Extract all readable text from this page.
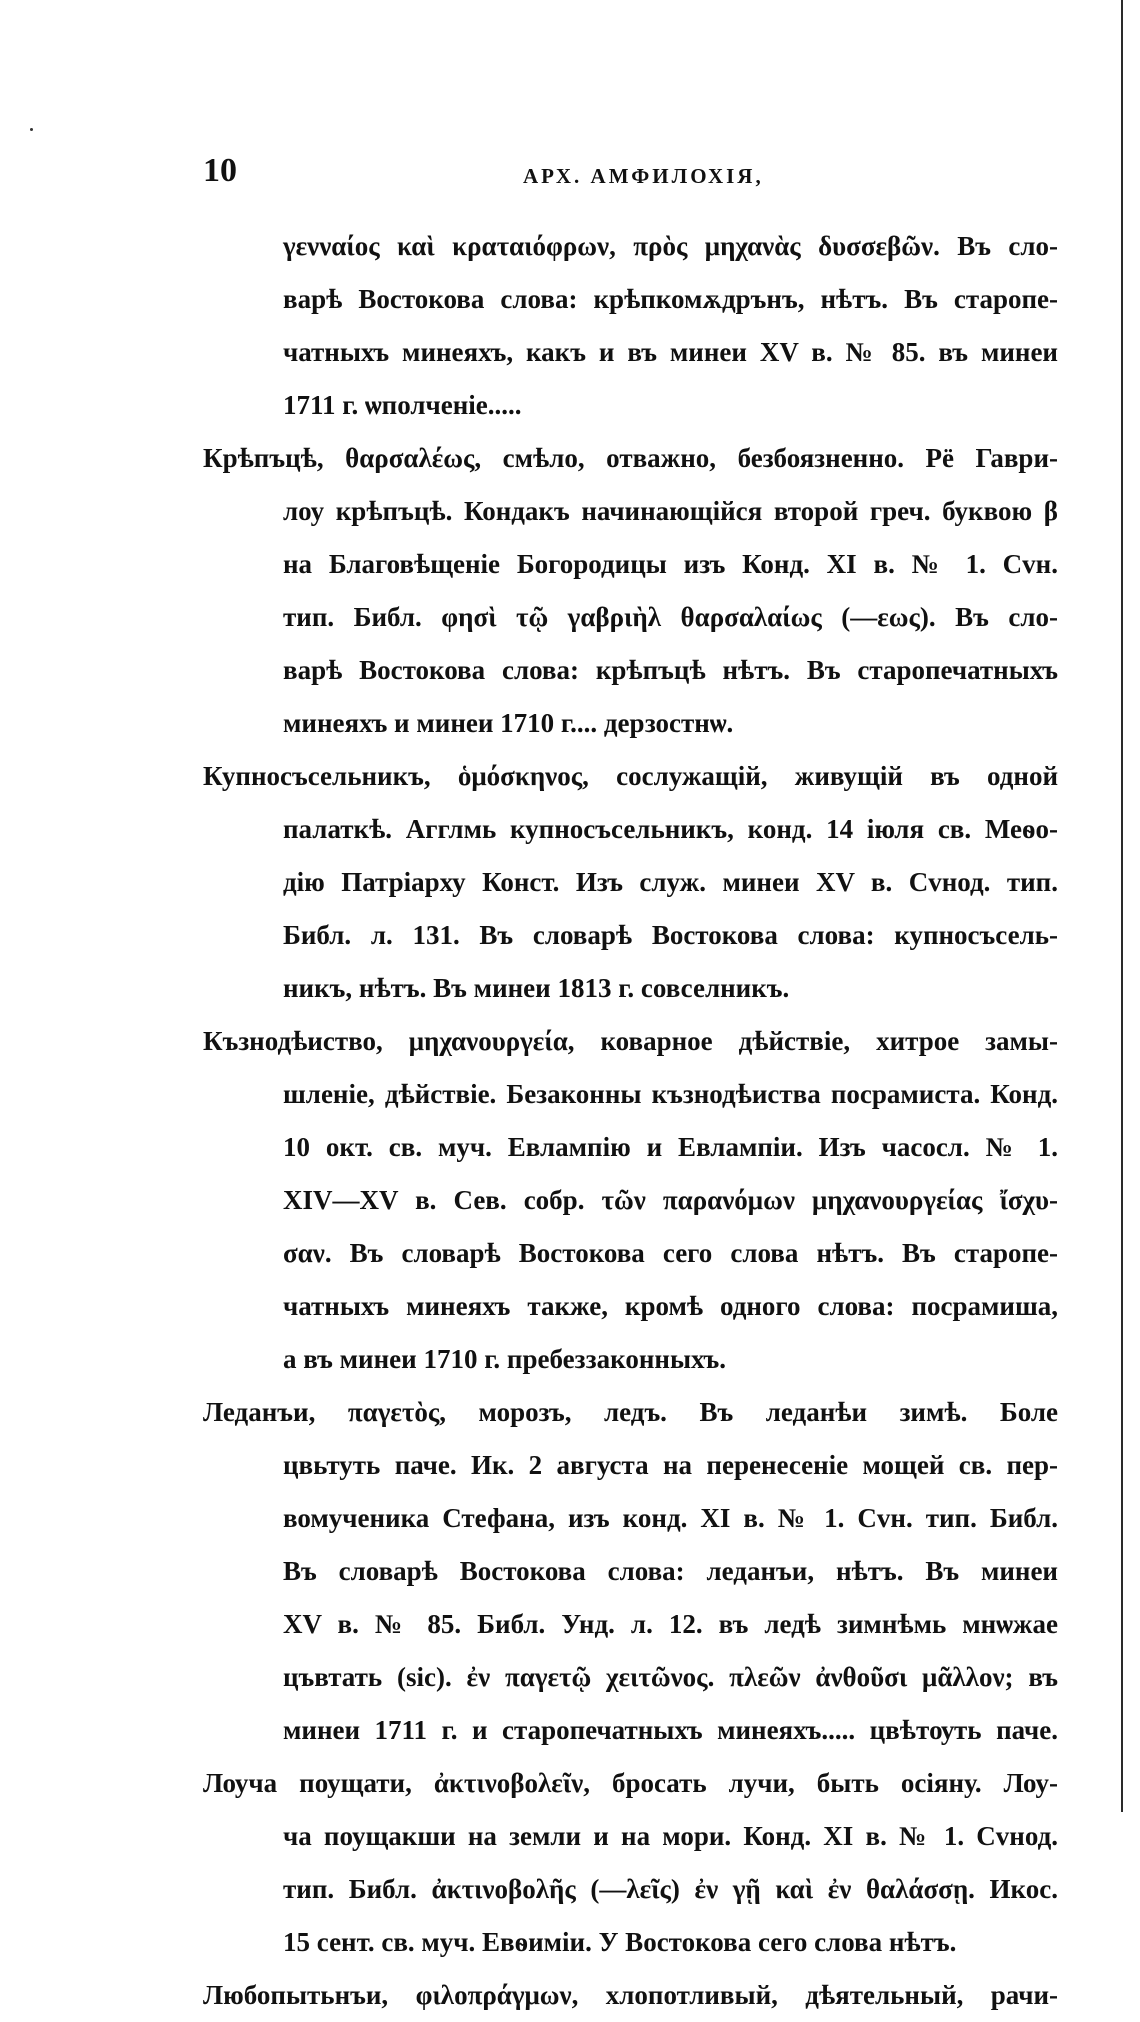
10	АРХ. АМФИЛОХІЯ,
γενναίος καὶ κραταιόφρων, πρὸς μηχανὰς δυσσεβῶν. Въ сло-
варѣ Востокова слова: крѣпкомѫдрънъ, нѣтъ. Въ старопе-
чатныхъ минеяхъ, какъ и въ минеи XV в. № 85. въ минеи
1711 г. ѡполченіе.....
Крѣпъцѣ, θαρσαλέως, смѣло, отважно, безбоязненно. Рё Гаври-
лоу крѣпъцѣ. Кондакъ начинающійся второй греч. буквою β
на Благовѣщеніе Богородицы изъ Конд. XI в. № 1. Сvн.
тип. Библ. φησὶ τῷ γαβριὴλ θαρσαλαίως (—εως). Въ сло-
варѣ Востокова слова: крѣпъцѣ нѣтъ. Въ старопечатныхъ
минеяхъ и минеи 1710 г.... дерзостнѡ.
Купносъсельникъ, ὁμόσκηνος, сослужащій, живущій въ одной
палаткѣ. Агглмь купносъсельникъ, конд. 14 іюля св. Меѳо-
дію Патріарху Конст. Изъ служ. минеи XV в. Сvнод. тип.
Библ. л. 131. Въ словарѣ Востокова слова: купносъсель-
никъ, нѣтъ. Въ минеи 1813 г. совселникъ.
Къзнодѣиство, μηχανουργεία, коварное дѣйствіе, хитрое замы-
шленіе, дѣйствіе. Безаконны къзнодѣиства посрамиста. Конд.
10 окт. св. муч. Евлампію и Евлампіи. Изъ часосл. № 1.
XIV—XV в. Сев. собр. τῶν παρανόμων μηχανουργείας ἴσχυ-
σαν. Въ словарѣ Востокова сего слова нѣтъ. Въ старопе-
чатныхъ минеяхъ также, кромѣ одного слова: посрамиша,
а въ минеи 1710 г. пребеззаконныхъ.
Леданъи, παγετὸς, морозъ, ледъ. Въ леданѣи зимѣ. Боле
цвьтуть паче. Ик. 2 августа на перенесеніе мощей св. пер-
вомученика Стефана, изъ конд. XI в. № 1. Сvн. тип. Библ.
Въ словарѣ Востокова слова: леданъи, нѣтъ. Въ минеи
XV в. № 85. Библ. Унд. л. 12. въ ледѣ зимнѣмь мнѡжае
цъвтать (sic). ἐν παγετῷ χειτῶνος. πλεῶν ἀνθοῦσι μᾶλλον; въ
минеи 1711 г. и старопечатныхъ минеяхъ..... цвѣтѹть паче.
Лоуча поущати, ἀκτινοβολεῖν, бросать лучи, быть осіяну. Лоу-
ча поущакши на земли и на мори. Конд. XI в. № 1. Сvнод.
тип. Библ. ἀκτινοβολῆς (—λεῖς) ἐν γῇ καὶ ἐν θαλάσσῃ. Икос.
15 сент. св. муч. Евѳиміи. У Востокова сего слова нѣтъ.
Любопытьнъи, φιλοπράγμων, хлопотливый, дѣятельный, рачи-
